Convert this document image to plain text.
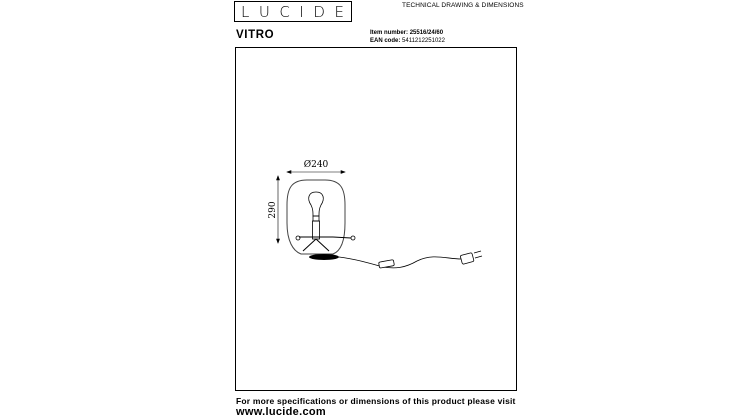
L U C I D E	TECHNICAL DRAWING & DIMENSIONS
VITRO	Item number: 25516/24/60
EAN code: 5411212251022
Ø240
290
For more specifications or dimensions of this product please visit
www.lucide.com
